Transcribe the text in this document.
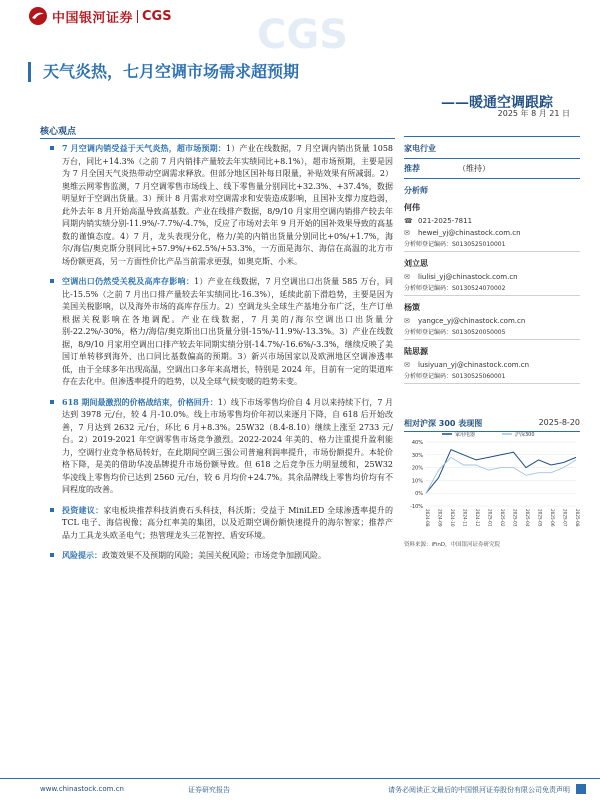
中国银河证券 CGS CGS
天气炎热，七月空调市场需求超预期
——暖通空调跟踪
2025 年 8 月 21 日
核心观点
7 月空调内销受益于天气炎热，超市场预期：1）产业在线数据，7 月空调内销出货量 1058 万台，同比+14.3%（之前 7 月内销排产量较去年实绩同比+8.1%），超市场预期，主要是因为 7 月全国天气炎热带动空调需求释放。但部分地区国补每日限量，补贴效果有所减弱。2）奥维云网零售监测，7 月空调零售市场线上、线下零售量分别同比+32.3%、+37.4%，数据明显好于空调出货量。3）预计 8 月需求对空调需求和安装造成影响，且国补支撑力度趋弱，此外去年 8 月开始高温导致高基数。产业在线排产数据，8/9/10 月家用空调内销排产较去年同期内销实绩分别-11.9%/-7.7%/-4.7%，反应了市场对去年 9 月开始的国补效果导致的高基数的谨慎态度。4）7 月，龙头表现分化，格力/美的内销出货量分别同比+0%/+1.7%，海尔/海信/奥克斯分别同比+57.9%/+62.5%/+53.3%，一方面是海尔、海信在高温的北方市场份额更高，另一方面性价比产品当前需求更强，如奥克斯、小米。
空调出口仍然受关税及高库存影响：1）产业在线数据，7 月空调出口出货量 585 万台，同比-15.5%（之前 7 月出口排产量较去年实绩同比-16.3%），延续此前下滑趋势，主要是因为美国关税影响，以及海外市场的高库存压力。2）空调龙头全球生产基地分布广泛，生产订单根据关税影响在各地调配。产业在线数据，7 月美的/海尔空调出口出货量分别-22.2%/-30%，格力/海信/奥克斯出口出货量分别-15%/-11.9%/-13.3%。3）产业在线数据，8/9/10 月家用空调出口排产较去年同期实绩分别-14.7%/-16.6%/-3.3%，继续反映了美国订单转移到海外、出口同比基数偏高的预期。3）新兴市场国家以及欧洲地区空调渗透率低，由于全球多年出现高温，空调出口多年来高增长，特别是 2024 年，目前有一定的渠道库存在去化中。但渗透率提升的趋势，以及全球气候变暖的趋势未变。
618 期间最激烈的价格战结束，价格回升：1）线下市场零售均价自 4 月以来持续下行，7 月达到 3978 元/台，较 4 月-10.0%。线上市场零售均价年初以来逐月下降，自 618 后开始改善，7 月达到 2632 元/台，环比 6 月+8.3%。25W32（8.4-8.10）继续上涨至 2733 元/台。2）2019-2021 年空调零售市场竞争激烈。2022-2024 年美的、格力注重提升盈利能力，空调行业竞争格局转好，在此期间空调三强公司普遍利润率提升，市场份额提升。本轮价格下降，是美的借助华凌品牌提升市场份额导致。但 618 之后竞争压力明显缓和，25W32 华凌线上零售均价已达到 2560 元/台，较 6 月均价+24.7%。其余品牌线上零售均价均有不同程度的改善。
投资建议：家电板块推荐科技消费石头科技，科沃斯；受益于 MiniLED 全球渗透率提升的 TCL 电子、海信视像；高分红率美的集团，以及近期空调份额快速提升的海尔智家；推荐产品力工具龙头欧圣电气；热管理龙头三花智控、盾安环境。
风险提示：政策效果不及预期的风险；美国关税风险；市场竞争加剧风险。
家电行业
推荐	（维持）
分析师
何伟
☎ 021-2025-7811
✉	hewei_yj@chinastock.com.cn
分析师登记编码：S0130525010001
刘立思
✉	liulisi_yj@chinastock.com.cn
分析师登记编码：S0130524070002
杨策
✉	yangce_yj@chinastock.com.cn
分析师登记编码：S0130520050005
陆思源
✉	lusiyuan_yj@chinastock.com.cn
分析师登记编码：S0130525060001
相对沪深 300 表现图	2025-8-20
40%
30%
20%
10%
0%
-10%
2024-08 2024-09 2024-10 2024-11 2024-12 2025-01 2025-02 2025-03 2025-04 2025-05 2025-06 2025-07 2025-08
家用电器	沪深300
资料来源：iFinD，中国银河证券研究院
www.chinastock.com.cn	证券研究报告	请务必阅读正文最后的中国银河证券股份有限公司免责声明
